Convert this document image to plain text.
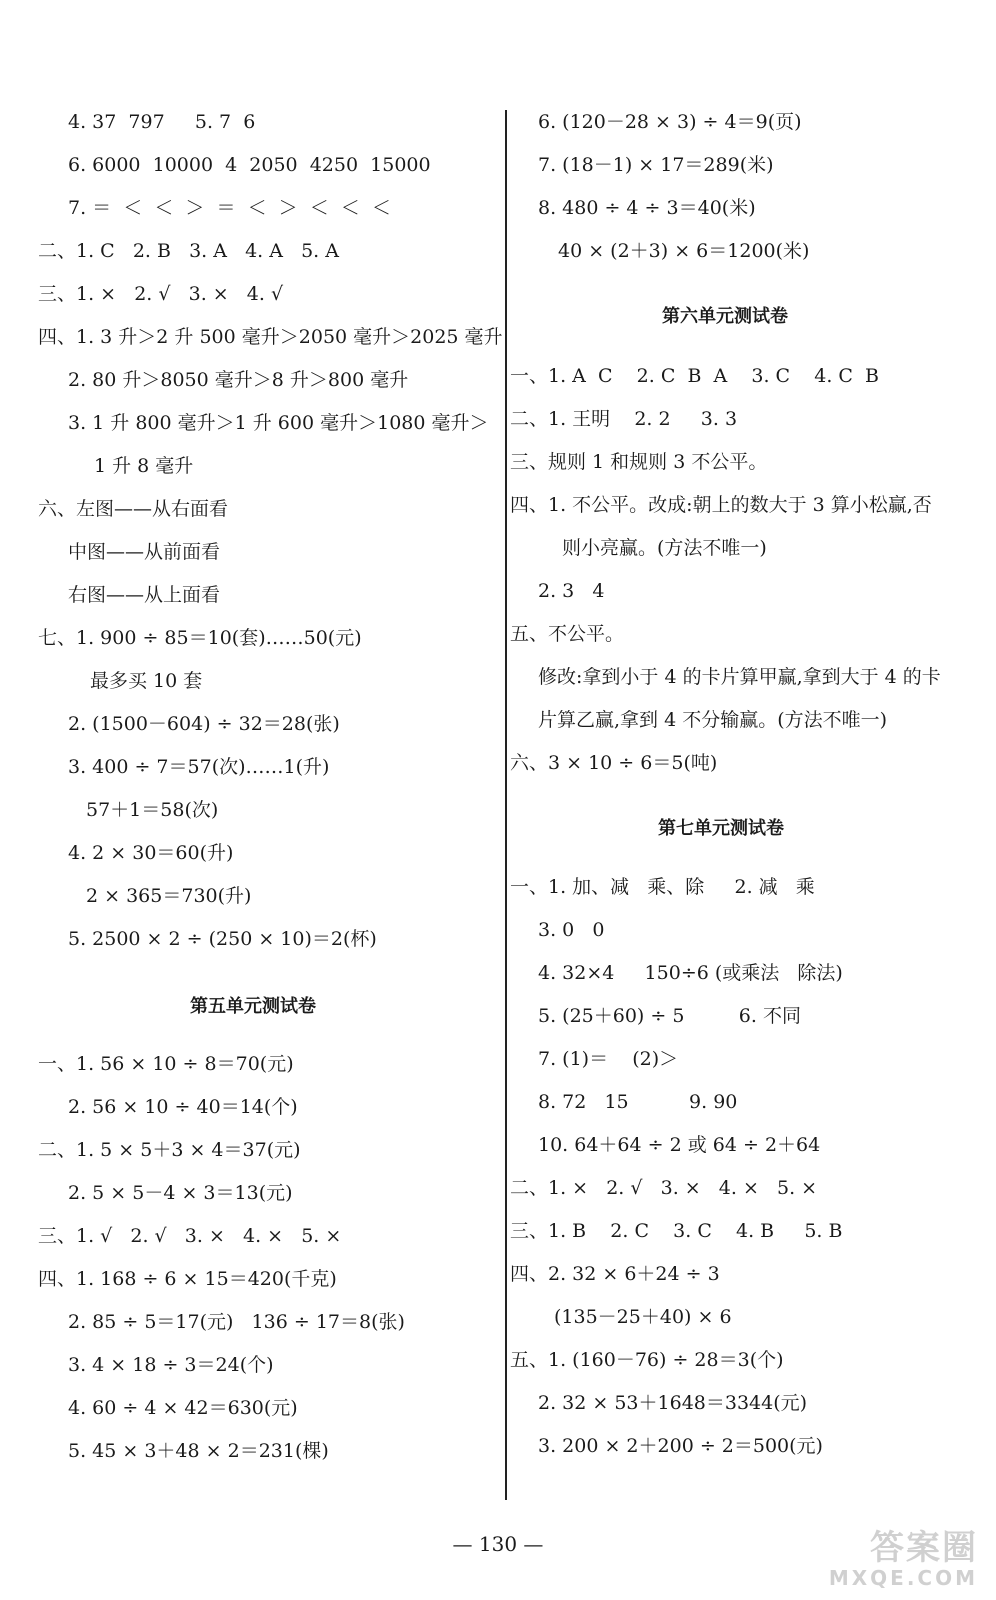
4. 37  797     5. 7  6
6. 6000  10000  4  2050  4250  15000
7. ＝  ＜  ＜  ＞  ＝  ＜  ＞  ＜  ＜  ＜
二、1. C   2. B   3. A   4. A   5. A
三、1. ×   2. √   3. ×   4. √
四、1. 3 升＞2 升 500 毫升＞2050 毫升＞2025 毫升
2. 80 升＞8050 毫升＞8 升＞800 毫升
3. 1 升 800 毫升＞1 升 600 毫升＞1080 毫升＞
1 升 8 毫升
六、左图——从右面看
中图——从前面看
右图——从上面看
七、1. 900 ÷ 85＝10(套)……50(元)
最多买 10 套
2. (1500－604) ÷ 32＝28(张)
3. 400 ÷ 7＝57(次)……1(升)
57＋1＝58(次)
4. 2 × 30＝60(升)
2 × 365＝730(升)
5. 2500 × 2 ÷ (250 × 10)＝2(杯)
第五单元测试卷
一、1. 56 × 10 ÷ 8＝70(元)
2. 56 × 10 ÷ 40＝14(个)
二、1. 5 × 5＋3 × 4＝37(元)
2. 5 × 5－4 × 3＝13(元)
三、1. √   2. √   3. ×   4. ×   5. ×
四、1. 168 ÷ 6 × 15＝420(千克)
2. 85 ÷ 5＝17(元)   136 ÷ 17＝8(张)
3. 4 × 18 ÷ 3＝24(个)
4. 60 ÷ 4 × 42＝630(元)
5. 45 × 3＋48 × 2＝231(棵)
6. (120－28 × 3) ÷ 4＝9(页)
7. (18－1) × 17＝289(米)
8. 480 ÷ 4 ÷ 3＝40(米)
40 × (2＋3) × 6＝1200(米)
第六单元测试卷
一、1. A  C    2. C  B  A    3. C    4. C  B
二、1. 王明    2. 2     3. 3
三、规则 1 和规则 3 不公平。
四、1. 不公平。改成:朝上的数大于 3 算小松赢,否
则小亮赢。(方法不唯一)
2. 3   4
五、不公平。
修改:拿到小于 4 的卡片算甲赢,拿到大于 4 的卡
片算乙赢,拿到 4 不分输赢。(方法不唯一)
六、3 × 10 ÷ 6＝5(吨)
第七单元测试卷
一、1. 加、减   乘、除     2. 减   乘
3. 0   0
4. 32×4     150÷6 (或乘法   除法)
5. (25＋60) ÷ 5         6. 不同
7. (1)＝    (2)＞
8. 72   15          9. 90
10. 64＋64 ÷ 2 或 64 ÷ 2＋64
二、1. ×   2. √   3. ×   4. ×   5. ×
三、1. B    2. C    3. C    4. B     5. B
四、2. 32 × 6＋24 ÷ 3
(135－25＋40) × 6
五、1. (160－76) ÷ 28＝3(个)
2. 32 × 53＋1648＝3344(元)
3. 200 × 2＋200 ÷ 2＝500(元)
— 130 —	答案圈
MXQE.COM
